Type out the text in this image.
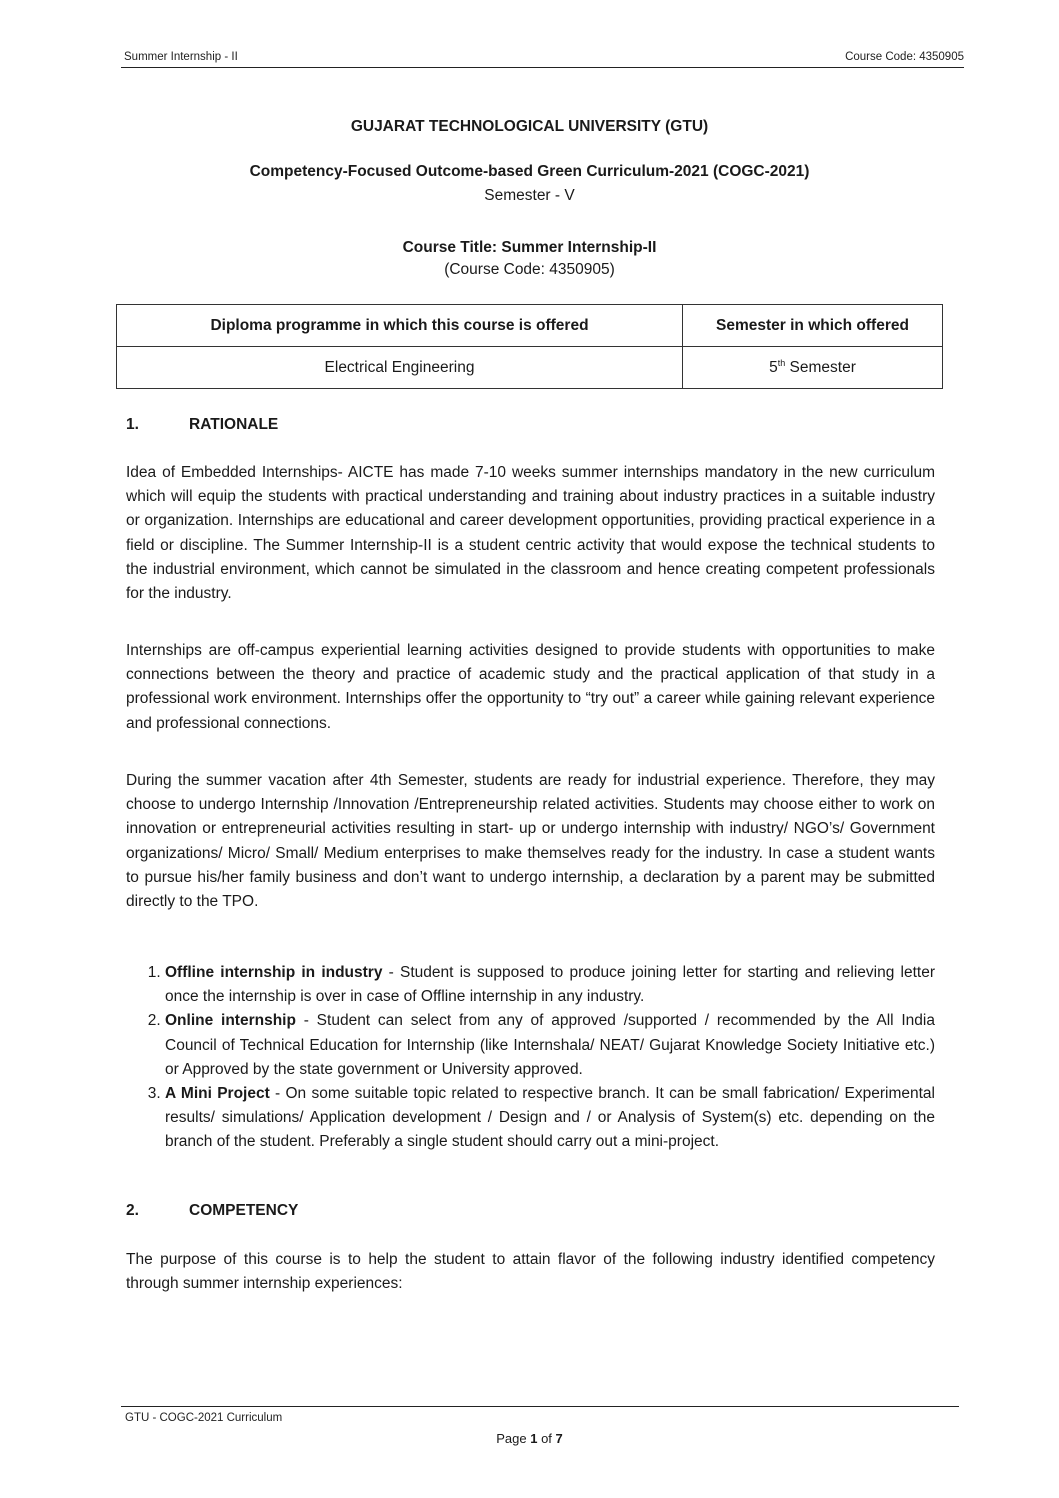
Summer Internship - II	Course Code: 4350905
GUJARAT TECHNOLOGICAL UNIVERSITY (GTU)
Competency-Focused Outcome-based Green Curriculum-2021 (COGC-2021)
Semester - V
Course Title: Summer Internship-II
(Course Code: 4350905)
Diploma programme in which this course is offered	Semester in which offered
Electrical Engineering	5th Semester
1.	RATIONALE

Idea of Embedded Internships- AICTE has made 7-10 weeks summer internships mandatory in the new curriculum which will equip the students with practical understanding and training about industry practices in a suitable industry or organization. Internships are educational and career development opportunities, providing practical experience in a field or discipline. The Summer Internship-II is a student centric activity that would expose the technical students to the industrial environment, which cannot be simulated in the classroom and hence creating competent professionals for the industry.

Internships are off-campus experiential learning activities designed to provide students with opportunities to make connections between the theory and practice of academic study and the practical application of that study in a professional work environment. Internships offer the opportunity to “try out” a career while gaining relevant experience and professional connections.

During the summer vacation after 4th Semester, students are ready for industrial experience. Therefore, they may choose to undergo Internship /Innovation /Entrepreneurship related activities. Students may choose either to work on innovation or entrepreneurial activities resulting in start- up or undergo internship with industry/ NGO’s/ Government organizations/ Micro/ Small/ Medium enterprises to make themselves ready for the industry. In case a student wants to pursue his/her family business and don’t want to undergo internship, a declaration by a parent may be submitted directly to the TPO.

1. Offline internship in industry - Student is supposed to produce joining letter for starting and relieving letter once the internship is over in case of Offline internship in any industry.
2. Online internship - Student can select from any of approved /supported / recommended by the All India Council of Technical Education for Internship (like Internshala/ NEAT/ Gujarat Knowledge Society Initiative etc.) or Approved by the state government or University approved.
3. A Mini Project - On some suitable topic related to respective branch. It can be small fabrication/ Experimental results/ simulations/ Application development / Design and / or Analysis of System(s) etc. depending on the branch of the student. Preferably a single student should carry out a mini-project.
2.	COMPETENCY

The purpose of this course is to help the student to attain flavor of the following industry identified competency through summer internship experiences:

GTU - COGC-2021 Curriculum
Page 1 of 7
